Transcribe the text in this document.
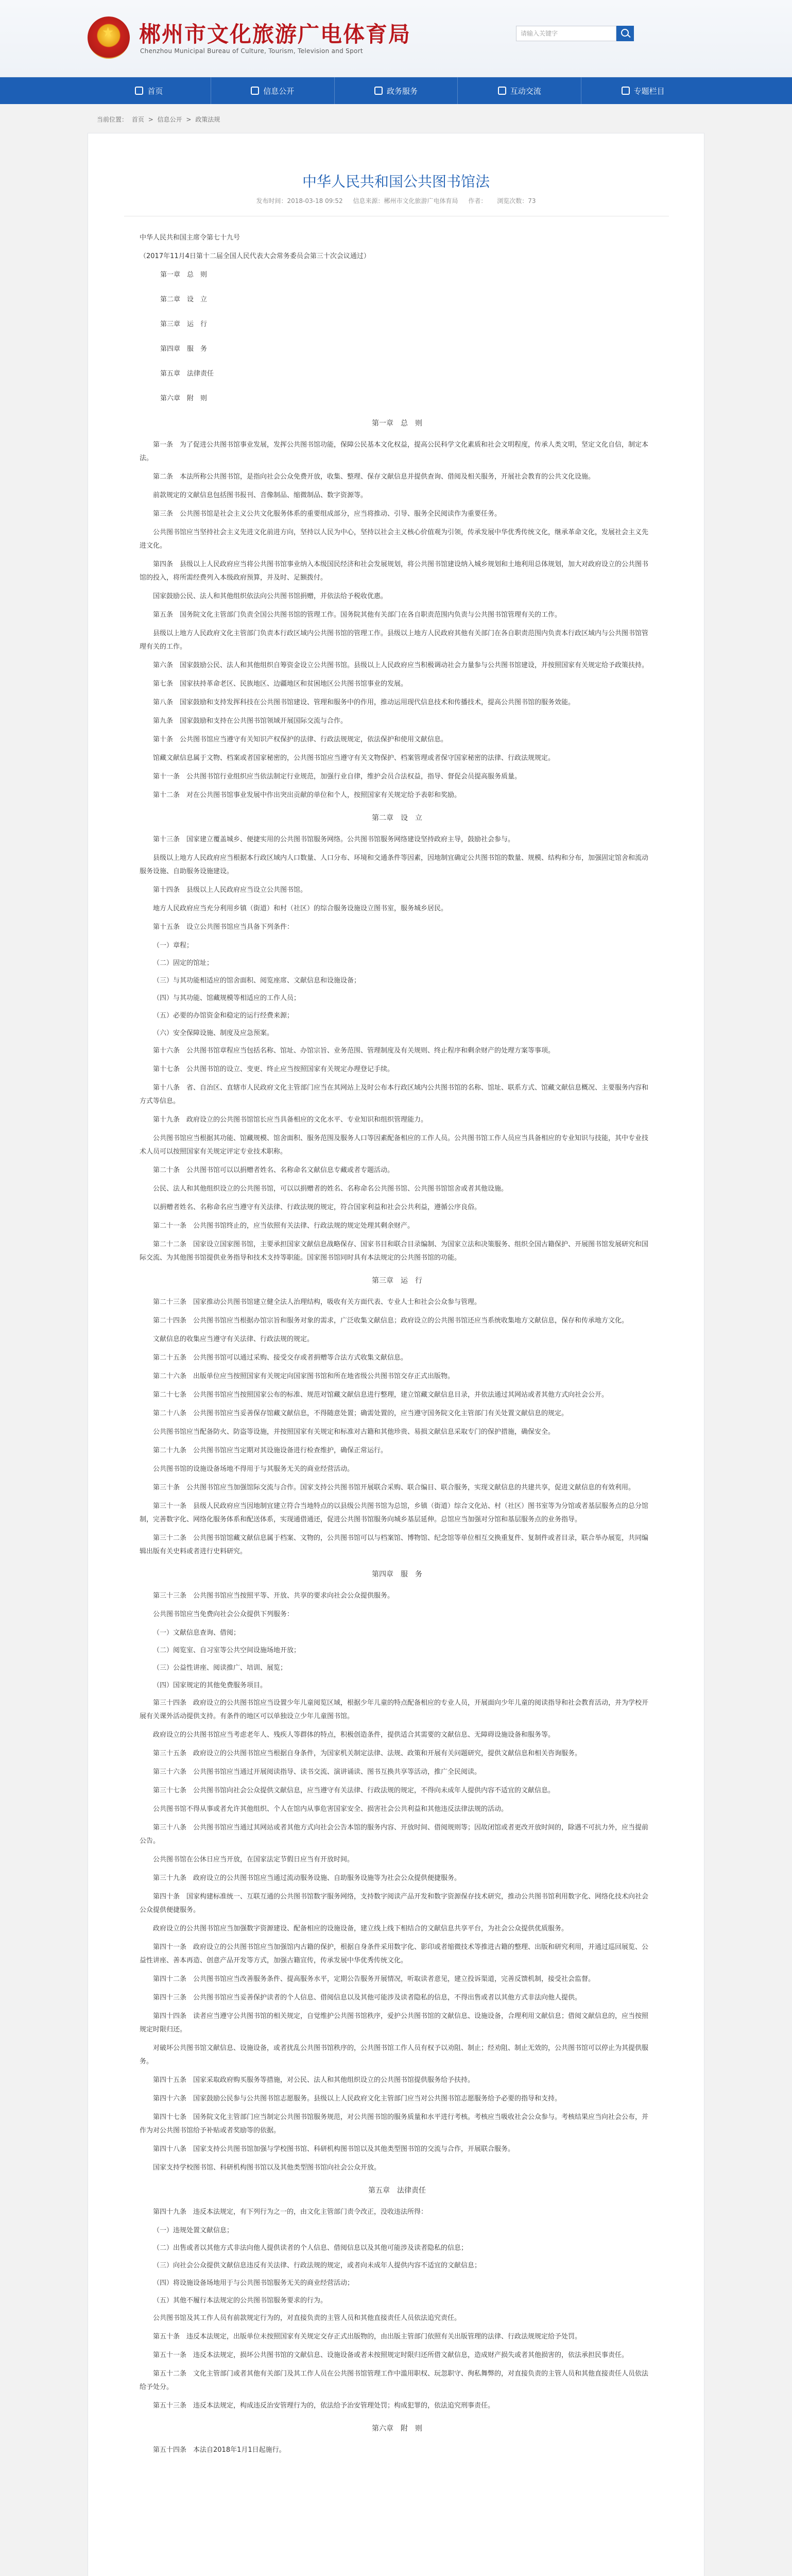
★ 郴州市文化旅游广电体育局
Chenzhou Municipal Bureau of Culture, Tourism, Television and Sport
请输入关键字
首页	信息公开	政务服务	互动交流	专题栏目
当前位置： 首页 > 信息公开 > 政策法规
中华人民共和国公共图书馆法
发布时间：2018-03-18 09:52 信息来源：郴州市文化旅游广电体育局 作者： 浏览次数：73

中华人民共和国主席令第七十九号

（2017年11月4日第十二届全国人民代表大会常务委员会第三十次会议通过）

第一章　总　则

第二章　设　立

第三章　运　行

第四章　服　务

第五章　法律责任

第六章　附　则

第一章　总　则

第一条　为了促进公共图书馆事业发展，发挥公共图书馆功能，保障公民基本文化权益，提高公民科学文化素质和社会文明程度，传承人类文明，坚定文化自信，制定本法。

第二条　本法所称公共图书馆，是指向社会公众免费开放，收集、整理、保存文献信息并提供查询、借阅及相关服务，开展社会教育的公共文化设施。

前款规定的文献信息包括图书报刊、音像制品、缩微制品、数字资源等。

第三条　公共图书馆是社会主义公共文化服务体系的重要组成部分，应当将推动、引导、服务全民阅读作为重要任务。

公共图书馆应当坚持社会主义先进文化前进方向，坚持以人民为中心，坚持以社会主义核心价值观为引领，传承发展中华优秀传统文化，继承革命文化，发展社会主义先进文化。

第四条　县级以上人民政府应当将公共图书馆事业纳入本级国民经济和社会发展规划，将公共图书馆建设纳入城乡规划和土地利用总体规划，加大对政府设立的公共图书馆的投入，将所需经费列入本级政府预算，并及时、足额拨付。

国家鼓励公民、法人和其他组织依法向公共图书馆捐赠，并依法给予税收优惠。

第五条　国务院文化主管部门负责全国公共图书馆的管理工作。国务院其他有关部门在各自职责范围内负责与公共图书馆管理有关的工作。

县级以上地方人民政府文化主管部门负责本行政区域内公共图书馆的管理工作。县级以上地方人民政府其他有关部门在各自职责范围内负责本行政区域内与公共图书馆管理有关的工作。

第六条　国家鼓励公民、法人和其他组织自筹资金设立公共图书馆。县级以上人民政府应当积极调动社会力量参与公共图书馆建设，并按照国家有关规定给予政策扶持。

第七条　国家扶持革命老区、民族地区、边疆地区和贫困地区公共图书馆事业的发展。

第八条　国家鼓励和支持发挥科技在公共图书馆建设、管理和服务中的作用，推动运用现代信息技术和传播技术，提高公共图书馆的服务效能。

第九条　国家鼓励和支持在公共图书馆领域开展国际交流与合作。

第十条　公共图书馆应当遵守有关知识产权保护的法律、行政法规规定，依法保护和使用文献信息。

馆藏文献信息属于文物、档案或者国家秘密的，公共图书馆应当遵守有关文物保护、档案管理或者保守国家秘密的法律、行政法规规定。

第十一条　公共图书馆行业组织应当依法制定行业规范，加强行业自律，维护会员合法权益，指导、督促会员提高服务质量。

第十二条　对在公共图书馆事业发展中作出突出贡献的单位和个人，按照国家有关规定给予表彰和奖励。

第二章　设　立

第十三条　国家建立覆盖城乡、便捷实用的公共图书馆服务网络。公共图书馆服务网络建设坚持政府主导，鼓励社会参与。

县级以上地方人民政府应当根据本行政区域内人口数量、人口分布、环境和交通条件等因素，因地制宜确定公共图书馆的数量、规模、结构和分布，加强固定馆舍和流动服务设施、自助服务设施建设。

第十四条　县级以上人民政府应当设立公共图书馆。

地方人民政府应当充分利用乡镇（街道）和村（社区）的综合服务设施设立图书室，服务城乡居民。

第十五条　设立公共图书馆应当具备下列条件：

（一）章程；

（二）固定的馆址；

（三）与其功能相适应的馆舍面积、阅览座席、文献信息和设施设备；

（四）与其功能、馆藏规模等相适应的工作人员；

（五）必要的办馆资金和稳定的运行经费来源；

（六）安全保障设施、制度及应急预案。

第十六条　公共图书馆章程应当包括名称、馆址、办馆宗旨、业务范围、管理制度及有关规则、终止程序和剩余财产的处理方案等事项。

第十七条　公共图书馆的设立、变更、终止应当按照国家有关规定办理登记手续。

第十八条　省、自治区、直辖市人民政府文化主管部门应当在其网站上及时公布本行政区域内公共图书馆的名称、馆址、联系方式、馆藏文献信息概况、主要服务内容和方式等信息。

第十九条　政府设立的公共图书馆馆长应当具备相应的文化水平、专业知识和组织管理能力。

公共图书馆应当根据其功能、馆藏规模、馆舍面积、服务范围及服务人口等因素配备相应的工作人员。公共图书馆工作人员应当具备相应的专业知识与技能，其中专业技术人员可以按照国家有关规定评定专业技术职称。

第二十条　公共图书馆可以以捐赠者姓名、名称命名文献信息专藏或者专题活动。

公民、法人和其他组织设立的公共图书馆，可以以捐赠者的姓名、名称命名公共图书馆、公共图书馆馆舍或者其他设施。

以捐赠者姓名、名称命名应当遵守有关法律、行政法规的规定，符合国家利益和社会公共利益，遵循公序良俗。

第二十一条　公共图书馆终止的，应当依照有关法律、行政法规的规定处理其剩余财产。

第二十二条　国家设立国家图书馆，主要承担国家文献信息战略保存、国家书目和联合目录编制、为国家立法和决策服务、组织全国古籍保护、开展图书馆发展研究和国际交流、为其他图书馆提供业务指导和技术支持等职能。国家图书馆同时具有本法规定的公共图书馆的功能。

第三章　运　行

第二十三条　国家推动公共图书馆建立健全法人治理结构，吸收有关方面代表、专业人士和社会公众参与管理。

第二十四条　公共图书馆应当根据办馆宗旨和服务对象的需求，广泛收集文献信息；政府设立的公共图书馆还应当系统收集地方文献信息，保存和传承地方文化。

文献信息的收集应当遵守有关法律、行政法规的规定。

第二十五条　公共图书馆可以通过采购、接受交存或者捐赠等合法方式收集文献信息。

第二十六条　出版单位应当按照国家有关规定向国家图书馆和所在地省级公共图书馆交存正式出版物。

第二十七条　公共图书馆应当按照国家公布的标准、规范对馆藏文献信息进行整理，建立馆藏文献信息目录，并依法通过其网站或者其他方式向社会公开。

第二十八条　公共图书馆应当妥善保存馆藏文献信息，不得随意处置；确需处置的，应当遵守国务院文化主管部门有关处置文献信息的规定。

公共图书馆应当配备防火、防盗等设施，并按照国家有关规定和标准对古籍和其他珍贵、易损文献信息采取专门的保护措施，确保安全。

第二十九条　公共图书馆应当定期对其设施设备进行检查维护，确保正常运行。

公共图书馆的设施设备场地不得用于与其服务无关的商业经营活动。

第三十条　公共图书馆应当加强馆际交流与合作。国家支持公共图书馆开展联合采购、联合编目、联合服务，实现文献信息的共建共享，促进文献信息的有效利用。

第三十一条　县级人民政府应当因地制宜建立符合当地特点的以县级公共图书馆为总馆，乡镇（街道）综合文化站、村（社区）图书室等为分馆或者基层服务点的总分馆制，完善数字化、网络化服务体系和配送体系，实现通借通还，促进公共图书馆服务向城乡基层延伸。总馆应当加强对分馆和基层服务点的业务指导。

第三十二条　公共图书馆馆藏文献信息属于档案、文物的，公共图书馆可以与档案馆、博物馆、纪念馆等单位相互交换重复件、复制件或者目录，联合举办展览，共同编辑出版有关史料或者进行史料研究。

第四章　服　务

第三十三条　公共图书馆应当按照平等、开放、共享的要求向社会公众提供服务。

公共图书馆应当免费向社会公众提供下列服务：

（一）文献信息查询、借阅；

（二）阅览室、自习室等公共空间设施场地开放；

（三）公益性讲座、阅读推广、培训、展览；

（四）国家规定的其他免费服务项目。

第三十四条　政府设立的公共图书馆应当设置少年儿童阅览区域，根据少年儿童的特点配备相应的专业人员，开展面向少年儿童的阅读指导和社会教育活动，并为学校开展有关课外活动提供支持。有条件的地区可以单独设立少年儿童图书馆。

政府设立的公共图书馆应当考虑老年人、残疾人等群体的特点，积极创造条件，提供适合其需要的文献信息、无障碍设施设备和服务等。

第三十五条　政府设立的公共图书馆应当根据自身条件，为国家机关制定法律、法规、政策和开展有关问题研究，提供文献信息和相关咨询服务。

第三十六条　公共图书馆应当通过开展阅读指导、读书交流、演讲诵读、图书互换共享等活动，推广全民阅读。

第三十七条　公共图书馆向社会公众提供文献信息，应当遵守有关法律、行政法规的规定，不得向未成年人提供内容不适宜的文献信息。

公共图书馆不得从事或者允许其他组织、个人在馆内从事危害国家安全、损害社会公共利益和其他违反法律法规的活动。

第三十八条　公共图书馆应当通过其网站或者其他方式向社会公告本馆的服务内容、开放时间、借阅规则等；因故闭馆或者更改开放时间的，除遇不可抗力外，应当提前公告。

公共图书馆在公休日应当开放，在国家法定节假日应当有开放时间。

第三十九条　政府设立的公共图书馆应当通过流动服务设施、自助服务设施等为社会公众提供便捷服务。

第四十条　国家构建标准统一、互联互通的公共图书馆数字服务网络，支持数字阅读产品开发和数字资源保存技术研究，推动公共图书馆利用数字化、网络化技术向社会公众提供便捷服务。

政府设立的公共图书馆应当加强数字资源建设、配备相应的设施设备，建立线上线下相结合的文献信息共享平台，为社会公众提供优质服务。

第四十一条　政府设立的公共图书馆应当加强馆内古籍的保护，根据自身条件采用数字化、影印或者缩微技术等推进古籍的整理、出版和研究利用，并通过巡回展览、公益性讲座、善本再造、创意产品开发等方式，加强古籍宣传，传承发展中华优秀传统文化。

第四十二条　公共图书馆应当改善服务条件、提高服务水平，定期公告服务开展情况，听取读者意见，建立投诉渠道，完善反馈机制，接受社会监督。

第四十三条　公共图书馆应当妥善保护读者的个人信息、借阅信息以及其他可能涉及读者隐私的信息，不得出售或者以其他方式非法向他人提供。

第四十四条　读者应当遵守公共图书馆的相关规定，自觉维护公共图书馆秩序，爱护公共图书馆的文献信息、设施设备，合理利用文献信息；借阅文献信息的，应当按照规定时限归还。

对破坏公共图书馆文献信息、设施设备，或者扰乱公共图书馆秩序的，公共图书馆工作人员有权予以劝阻、制止；经劝阻、制止无效的，公共图书馆可以停止为其提供服务。

第四十五条　国家采取政府购买服务等措施，对公民、法人和其他组织设立的公共图书馆提供服务给予扶持。

第四十六条　国家鼓励公民参与公共图书馆志愿服务。县级以上人民政府文化主管部门应当对公共图书馆志愿服务给予必要的指导和支持。

第四十七条　国务院文化主管部门应当制定公共图书馆服务规范，对公共图书馆的服务质量和水平进行考核。考核应当吸收社会公众参与。考核结果应当向社会公布，并作为对公共图书馆给予补贴或者奖励等的依据。

第四十八条　国家支持公共图书馆加强与学校图书馆、科研机构图书馆以及其他类型图书馆的交流与合作，开展联合服务。

国家支持学校图书馆、科研机构图书馆以及其他类型图书馆向社会公众开放。

第五章　法律责任

第四十九条　违反本法规定，有下列行为之一的，由文化主管部门责令改正，没收违法所得：

（一）违规处置文献信息；

（二）出售或者以其他方式非法向他人提供读者的个人信息、借阅信息以及其他可能涉及读者隐私的信息；

（三）向社会公众提供文献信息违反有关法律、行政法规的规定，或者向未成年人提供内容不适宜的文献信息；

（四）将设施设备场地用于与公共图书馆服务无关的商业经营活动；

（五）其他不履行本法规定的公共图书馆服务要求的行为。

公共图书馆及其工作人员有前款规定行为的，对直接负责的主管人员和其他直接责任人员依法追究责任。

第五十条　违反本法规定，出版单位未按照国家有关规定交存正式出版物的，由出版主管部门依照有关出版管理的法律、行政法规规定给予处罚。

第五十一条　违反本法规定，损坏公共图书馆的文献信息、设施设备或者未按照规定时限归还所借文献信息，造成财产损失或者其他损害的，依法承担民事责任。

第五十二条　文化主管部门或者其他有关部门及其工作人员在公共图书馆管理工作中滥用职权、玩忽职守、徇私舞弊的，对直接负责的主管人员和其他直接责任人员依法给予处分。

第五十三条　违反本法规定，构成违反治安管理行为的，依法给予治安管理处罚；构成犯罪的，依法追究刑事责任。

第六章　附　则

第五十四条　本法自2018年1月1日起施行。
